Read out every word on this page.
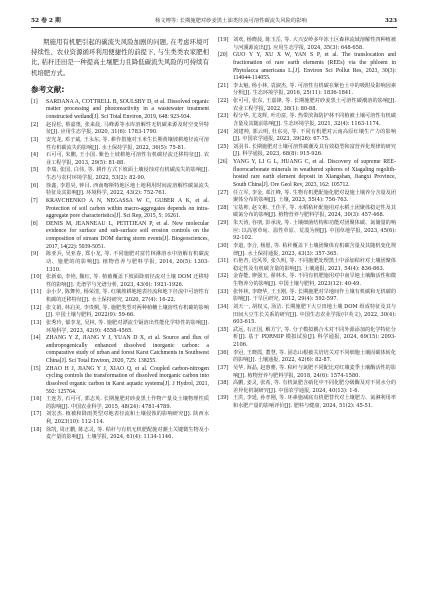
52 卷 2 期	杨文博等: 长期施肥对砂姜黑土油类径流可溶性碳流失风险的影响	323

期施用有机肥引起的碳流失风险加剧的问题, 在考虑环境可持续性、农业资源循环利用便捷性的前提下, 与生类类农家肥相比, 秸秆还田是一种提高土壤肥力且降低碳流失风险的可持续有机培肥方式。

参考文献:
[1] SARDANA A, COTTRELL B, SOULSBY D, et al. Dissolved organic matter processing and photoreactivity in a wastewater treatment constructed wetland[J]. Sci Total Environ, 2019, 648: 923-934.
[2] 赵昆松, 蔡嘉奥, 张来晨, 马峰源等水库溶解性无机碳来源及时空变异特征[J]. 应用生态学报, 2020, 31(6): 1783-1790.
[3] 安光龙, 邓子斌, 王永东, 等. 耕作措施对玉米生长期黄壤坡耕地径流可溶性有机碳流失的影响[J]. 水土保持学报, 2022, 36(5): 75-81.
[4] 石可可, 朱鹏, 王小国. 紫色土坡耕地可溶性有机碳径流迁移特征[J]. 农业工程学报, 2013, 29(5): 81-88.
[5] 李瑞, 张国, 白伟, 等. 耕作方式下坡面土壤侵蚀对有机碳流失的影响[J]. 生态与农村环境学报, 2022, 53(2): 82-90.
[6] 徐鑫, 李恩昊, 钟目. 西南喀斯特地区地土地利用时间流溶解性碳氮流失特征及其影响[J]. 环境科学, 2022, 43(2): 752-761.
[7] KRAVCHENKO A N, NEGASSA W C, GUBER A K, et al. Protection of soil carbon within macro-aggregates depends on intra-aggregate pore characteristics[J]. Sci Rep, 2015, 5: 16261.
[8] DENIS M, JEANNEAU L, PETITJEAN P, et al. New molecular evidence for surface and sub-surface soil erosion controls on the composition of stream DOM during storm events[J]. Biogeosciences, 2017, 14(22): 5039-5051.
[9] 陈亚兵, 吴亚春, 郑小龙, 等. 不同施肥对富竹林淋溶水中溶解有机碳流动、施肥的的影响[J]. 植物营养与肥料学报, 2014, 20(5): 1303-1310.
[10] 张新茹, 李艳, 魏红, 等. 植被覆盖下坡面降雨径流对土壤 DOM 迁移特性的影响[J]. 光谱学与光谱分析, 2023, 43(6): 1921-1926.
[11] 余小夕, 陈舞传, 杨荣清, 等. 红壤坡耕地地表径流和地下径流中可溶性有机碳的迁移特征[J]. 水土保持研究, 2020, 27(4): 16-22.
[12] 张文娟, 林启美, 李贵桐, 等. 施肥类型对两种植穗土壤溶性有机碳的影响[J]. 中国土壤与肥料, 2022(9): 59-66.
[13] 张秀玲, 郁李龙, 吴林, 等. 施肥对漂流尘镉溶出性能化学特性的影响[J]. 环境科学, 2023, 42(9): 4558-4565.
[14] ZHANG Y Z, JIANG Y J, YUAN D X, et al. Source and flux of anthropogenically enhanced dissolved inorganic carbon: a comparative study of urban and forest Karst Catchments in Southwest China[J]. Sci Total Environ, 2020, 725: 138255.
[15] ZHAO H J, JIANG Y J, XIAO Q, et al. Coupled carbon-nitrogen cycling controls the transformation of dissolved inorganic carbon into dissolved organic carbon in Karst aquatic systems[J]. J Hydrol, 2021, 592: 125764.
[16] 王连芳, 石可可, 郭志英. 长期施肥对砂姜黑土作物产量及土壤物理性质的影响[J]. 中国农业科学, 2015, 48(24): 4781-4789.
[17] 刘宏杰. 植被和降雨类型对地表径流和土壤侵蚀的影响研究[J]. 陕西水利, 2023(10): 112-114.
[18] 徐凯, 周正鹏, 陈志灵, 等. 秸秆与有机无机肥配施对潮土关键微生物及小麦产量的影响[J]. 土壤学报, 2024, 61(4): 1134-1146.
[19] 刘欢, 杨晓晨, 陈玉岳, 等. 大兴安岭多年冻土区森林流域溶解性四种植被与河溪源流出[J]. 应用生态学报, 2024, 35(3): 648-658.
[20] GUO Y Y, XU X W, YAN S P, et al. The translocation and fractionation of rare earth elements (REEs) via the phloem in Phytolacca americana L.[J]. Environ Sci Pollut Res, 2023, 30(3): 114044-114055.
[21] 李太魁, 杨小林, 袁淑杰, 等. 可溶性有机碳在紫色土中的吸附及影响因素分析[J]. 生态环境学报, 2016, 25(11): 1836-1841.
[22] 张可可, 张东, 王嘉锋, 等. 长期施肥对砂姜黑土可溶性碳潮溶的影响[J]. 农业工程学报, 2022, 38(1): 80-88.
[23] 程分华, 尤龙辉, 叶功富, 等. 热带滨海防护林不同植被土壤可溶性有机碳含量及其随前影响[J]. 生态环境学报, 2021, 32(4): 1163-1174.
[24] 刘建帅, 郭云明, 杜东亮, 等. 不同有机肥对云南高原红壤生产力的影响[J]. 中国农学通报, 2023, 39(26): 67-75.
[25] 刘羽书. 长期施肥对土壤可溶性碳潮及其有效稳型和富营养化规律的研究[J]. 科学通报, 2023, 68(8): 915-926.
[26] YANG Y, LI G L, HUANG C, et al. Discovery of supreme REE-fluorocarbonate minerals in weathered spheres of Xiagaling regolith-hosted rare earth element deposit in Xiangshan, Jiangxi Province, South China[J]. Ore Geol Rev, 2023, 162: 105712.
[27] 任立军, 李金, 邓江峰, 等. 生物有机肥配施化肥对设施土壤养分含量及团聚体分布的影响[J]. 土壤, 2023, 55(4): 756-763.
[28] 宝基帅, 赵文彬, 王佳平, 等. 水稻秸秆配施用对水稻土团聚体稳定性及其碳氮分布的影响[J]. 植物营养与肥料学报, 2024, 30(3): 457-468.
[29] 朱天涛, 谷朋, 彭承凌, 等. 土壤细菌结构和功能对团聚体碳、氮储量的响应: 以高寒草甸、温性草原、荒漠为例[J]. 中国草地学报, 2023, 45(6): 92-102.
[30] 李道, 李合, 杨愿, 等. 秸秆覆盖下土壤团聚体有机碳含量及其随机变化规律[J]. 水土保持通报, 2023, 43(3): 357-365.
[31] 石艳杏, 迟风琴, 张久明, 等. 不同施肥处理黑土中添加秸秆对土壤团聚体稳定性及有机碳含量的影响[J]. 土壤通报, 2021, 54(4): 836-863.
[32] 金春能, 廖强玉, 翟林木, 等. 不同有机肥施用对中南旱地土壤酶活性和微生物养分的影响[J]. 中国土壤与肥料, 2023(12): 40-49.
[33] 张怀林, 李晓华, 王玉刚, 等. 长期施肥对旱地间作土壤有机碳和无机碳的影响[J]. 干旱区研究, 2012, 29(4): 592-597.
[34] 刘天一, 胡权义, 汤洁. 长期施肥下大豆田地土壤 DOM 组成特征及其与田间大豆生长关系的研究[J]. 中国生态农业学报(中英文), 2022, 30(4): 603-615.
[35] 武远, 石正国, 解方宁, 等. 分子模拟耦合木对不同外源添加的化学特征分析[J]. 基于 PDRMIP 模拟试验[J]. 科学通报, 2024, 69(15): 2093-2106.
[36] 李冠, 王晓霞, 董慧, 等. 固态山根被关培培关对不同细胞土壤固碳体转化的影响[J]. 土壤通报, 2022, 42(6): 82-87.
[37] 吴华, 海晶, 赵惠雅, 等. 秸秆与氮肥不同配比对红壤麦季土壤酶活性的影响[J]. 植物营养与肥料学报, 2018, 24(6): 1574-1580.
[38] 高鹏, 姜灵, 张希, 等. 有机氮肥含硝化中不同化肥分级酶及对不同水分的差异化机制研究[J]. 中国农学通报, 2024, 40(13): 1-6.
[39] 王洪, 李延, 孙孝刚, 等. 环素施减底有机肥替代对土壤肥力、氮淋利用率和水肥产量的影响评价[J]. 肥料与健康, 2024, 51(2): 45-51.
